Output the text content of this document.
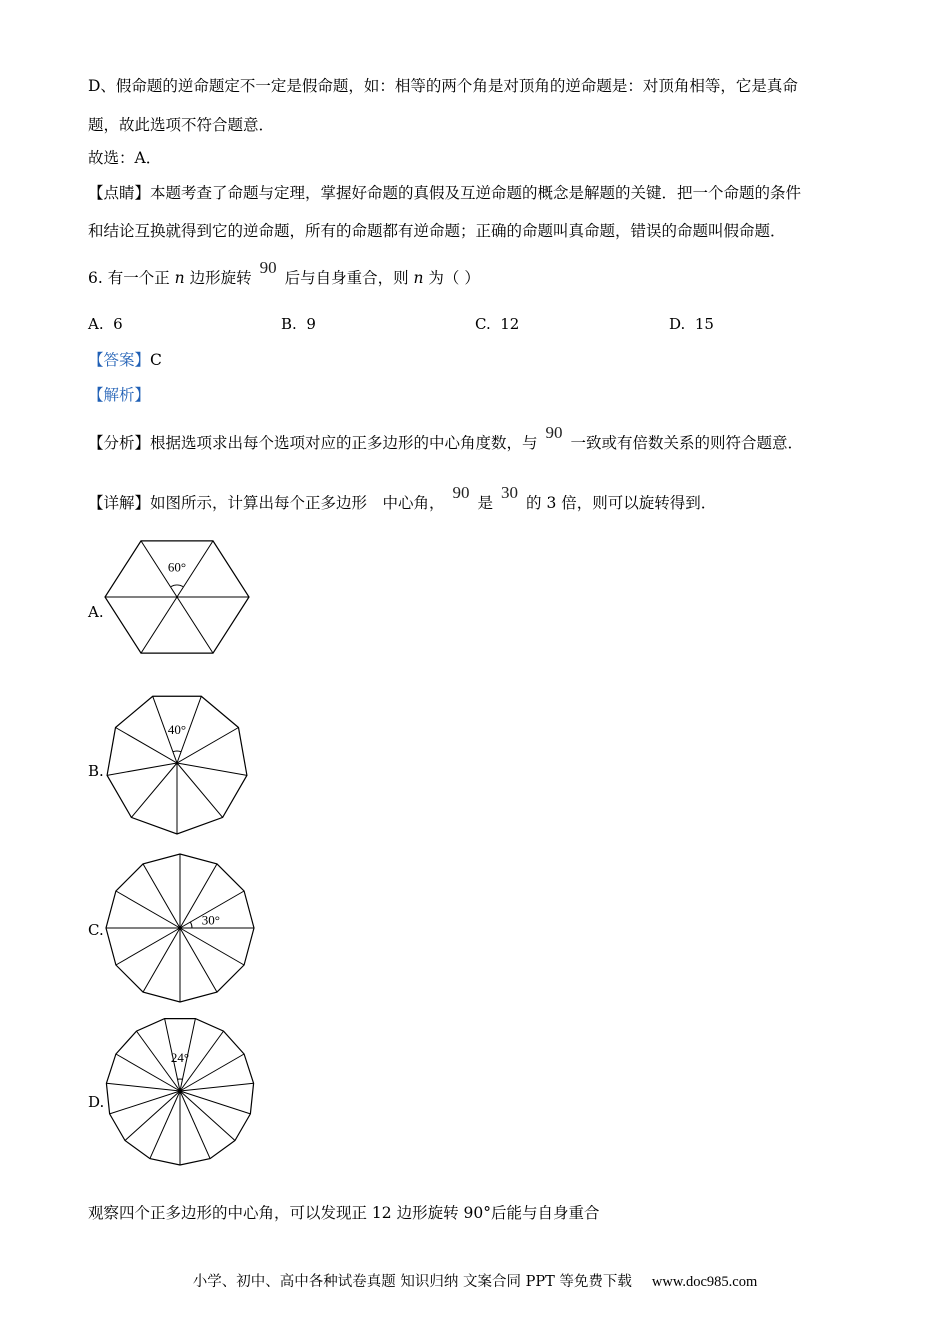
D、假命题的逆命题定不一定是假命题，如：相等的两个角是对顶角的逆命题是：对顶角相等，它是真命
题，故此选项不符合题意．
故选：A．
【点睛】本题考查了命题与定理，掌握好命题的真假及互逆命题的概念是解题的关键．把一个命题的条件
和结论互换就得到它的逆命题，所有的命题都有逆命题；正确的命题叫真命题，错误的命题叫假命题．
6. 有一个正 n 边形旋转90后与自身重合，则 n 为（ ）
A. 6	B. 9	C. 12	D. 15
【答案】C
【解析】
【分析】根据选项求出每个选项对应的正多边形的中心角度数，与90一致或有倍数关系的则符合题意．
【详解】如图所示，计算出每个正多边形　中心角，90是30的 3 倍，则可以旋转得到．
A.
60°
B.
40°
C.
30°
D.
24°
观察四个正多边形的中心角，可以发现正 12 边形旋转 90°后能与自身重合
小学、初中、高中各种试卷真题 知识归纳 文案合同 PPT 等免费下载 www.doc985.com
